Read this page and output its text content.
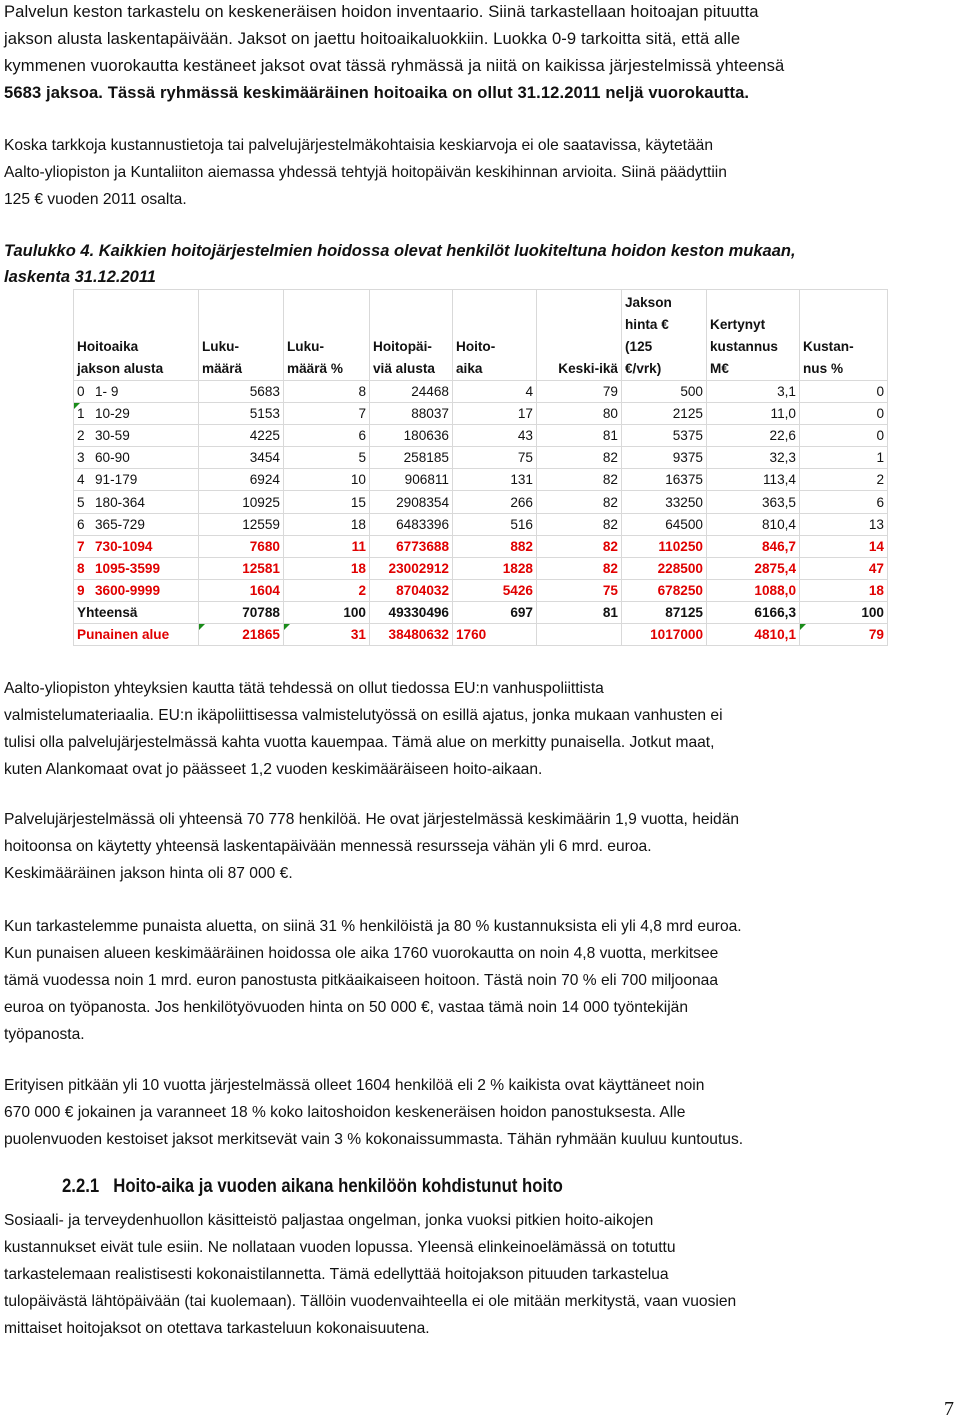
Palvelun keston tarkastelu on keskeneräisen hoidon inventaario. Siinä tarkastellaan hoitoajan pituutta
jakson alusta laskentapäivään. Jaksot on jaettu hoitoaikaluokkiin. Luokka 0-9 tarkoitta sitä, että alle
kymmenen vuorokautta kestäneet jaksot ovat tässä ryhmässä ja niitä on kaikissa järjestelmissä yhteensä
5683 jaksoa. Tässä ryhmässä keskimääräinen hoitoaika on ollut 31.12.2011 neljä vuorokautta.
Koska tarkkoja kustannustietoja tai palvelujärjestelmäkohtaisia keskiarvoja ei ole saatavissa, käytetään
Aalto-yliopiston ja Kuntaliiton aiemassa yhdessä tehtyjä hoitopäivän keskihinnan arvioita. Siinä päädyttiin
125 € vuoden 2011 osalta.
Taulukko 4. Kaikkien hoitojärjestelmien hoidossa olevat henkilöt luokiteltuna hoidon keston mukaan,
laskenta 31.12.2011
Hoitoaika
jakson alusta	Luku-
määrä	Luku-
määrä %	Hoitopäi-
viä alusta	Hoito-
aika	Keski-ikä	Jakson
hinta €
(125
€/vrk)	Kertynyt
kustannus
M€	Kustan-
nus %

0 1- 9	5683	8	24468	4	79	500	3,1	0
1 10-29	5153	7	88037	17	80	2125	11,0	0
2 30-59	4225	6	180636	43	81	5375	22,6	0
3 60-90	3454	5	258185	75	82	9375	32,3	1
4 91-179	6924	10	906811	131	82	16375	113,4	2
5 180-364	10925	15	2908354	266	82	33250	363,5	6
6 365-729	12559	18	6483396	516	82	64500	810,4	13
7 730-1094	7680	11	6773688	882	82	110250	846,7	14
8 1095-3599	12581	18	23002912	1828	82	228500	2875,4	47
9 3600-9999	1604	2	8704032	5426	75	678250	1088,0	18
Yhteensä	70788	100	49330496	697	81	87125	6166,3	100
Punainen alue	21865	31	38480632	1760		1017000	4810,1	79
Aalto-yliopiston yhteyksien kautta tätä tehdessä on ollut tiedossa EU:n vanhuspoliittista
valmistelumateriaalia. EU:n ikäpoliittisessa valmistelutyössä on esillä ajatus, jonka mukaan vanhusten ei
tulisi olla palvelujärjestelmässä kahta vuotta kauempaa. Tämä alue on merkitty punaisella. Jotkut maat,
kuten Alankomaat ovat jo päässeet 1,2 vuoden keskimääräiseen hoito-aikaan.
Palvelujärjestelmässä oli yhteensä 70 778 henkilöä. He ovat järjestelmässä keskimäärin 1,9 vuotta, heidän
hoitoonsa on käytetty yhteensä laskentapäivään mennessä resursseja vähän yli 6 mrd. euroa.
Keskimääräinen jakson hinta oli 87 000 €.
Kun tarkastelemme punaista aluetta, on siinä 31 % henkilöistä ja 80 % kustannuksista eli yli 4,8 mrd euroa.
Kun punaisen alueen keskimääräinen hoidossa ole aika 1760 vuorokautta on noin 4,8 vuotta, merkitsee
tämä vuodessa noin 1 mrd. euron panostusta pitkäaikaiseen hoitoon. Tästä noin 70 % eli 700 miljoonaa
euroa on työpanosta. Jos henkilötyövuoden hinta on 50 000 €, vastaa tämä noin 14 000 työntekijän
työpanosta.
Erityisen pitkään yli 10 vuotta järjestelmässä olleet 1604 henkilöä eli 2 % kaikista ovat käyttäneet noin
670 000 € jokainen ja varanneet 18 % koko laitoshoidon keskeneräisen hoidon panostuksesta. Alle
puolenvuoden kestoiset jaksot merkitsevät vain 3 % kokonaissummasta. Tähän ryhmään kuuluu kuntoutus.
2.2.1 Hoito-aika ja vuoden aikana henkilöön kohdistunut hoito
Sosiaali- ja terveydenhuollon käsitteistö paljastaa ongelman, jonka vuoksi pitkien hoito-aikojen
kustannukset eivät tule esiin. Ne nollataan vuoden lopussa. Yleensä elinkeinoelämässä on totuttu
tarkastelemaan realistisesti kokonaistilannetta. Tämä edellyttää hoitojakson pituuden tarkastelua
tulopäivästä lähtöpäivään (tai kuolemaan). Tällöin vuodenvaihteella ei ole mitään merkitystä, vaan vuosien
mittaiset hoitojaksot on otettava tarkasteluun kokonaisuutena.
7
